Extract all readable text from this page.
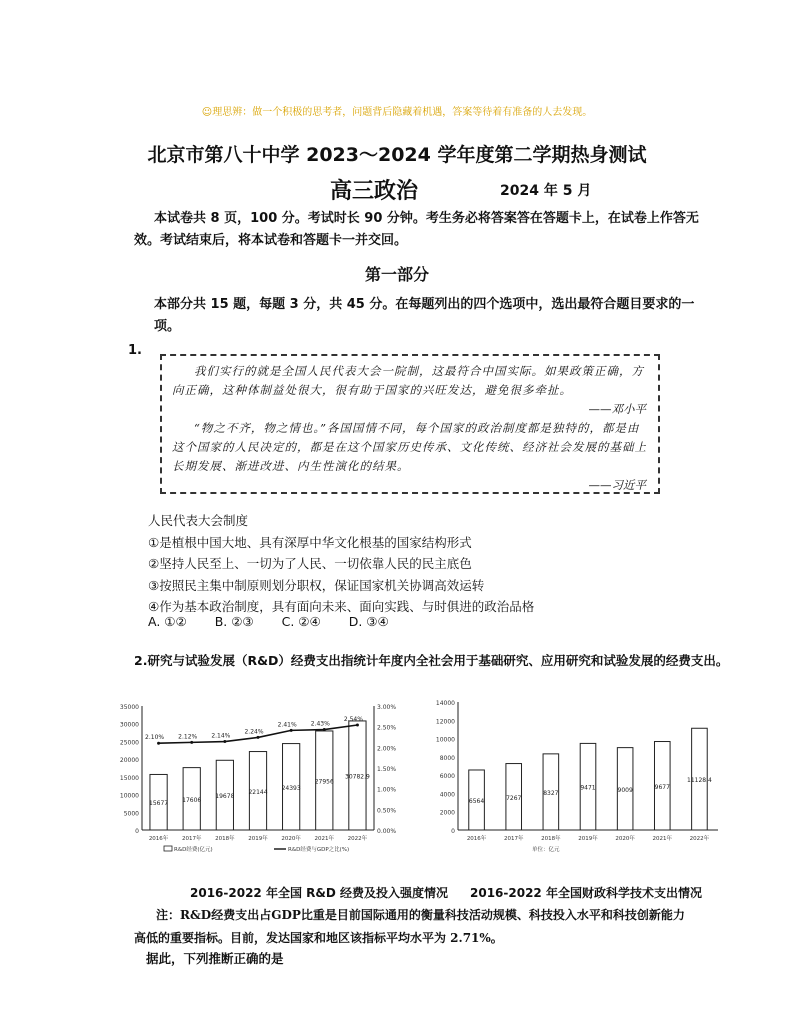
☺理思辨：做一个积极的思考者，问题背后隐藏着机遇，答案等待着有准备的人去发现。
北京市第八十中学 2023～2024 学年度第二学期热身测试
高三政治	2024 年 5 月
本试卷共 8 页，100 分。考试时长 90 分钟。考生务必将答案答在答题卡上，在试卷上作答无效。考试结束后，将本试卷和答题卡一并交回。
第一部分
本部分共 15 题，每题 3 分，共 45 分。在每题列出的四个选项中，选出最符合题目要求的一项。
1.

我们实行的就是全国人民代表大会一院制，这最符合中国实际。如果政策正确，方向正确，这种体制益处很大，很有助于国家的兴旺发达，避免很多牵扯。

——邓小平

“物之不齐，物之情也。”各国国情不同，每个国家的政治制度都是独特的，都是由这个国家的人民决定的，都是在这个国家历史传承、文化传统、经济社会发展的基础上长期发展、渐进改进、内生性演化的结果。

——习近平

人民代表大会制度
①是植根中国大地、具有深厚中华文化根基的国家结构形式
②坚持人民至上、一切为了人民、一切依靠人民的民主底色
③按照民主集中制原则划分职权，保证国家机关协调高效运转
④作为基本政治制度，具有面向未来、面向实践、与时俱进的政治品格
A. ①② B. ②③ C. ②④ D. ③④
2.研究与试验发展（R&D）经费支出指统计年度内全社会用于基础研究、应用研究和试验发展的经费支出。
35000
30000
25000
20000
15000
10000
5000
0
3.00%
2.50%
2.00%
1.50%
1.00%
0.50%
0.00%
15677
2016年
17606
2017年
19678
2018年
22144
2019年
24393
2020年
27956
2021年
30782.9
2022年
2.10% 2.12% 2.14%
2.24%
2.41% 2.43%
2.54%
R&D经费(亿元)	R&D经费与GDP之比(%)
14000
12000
10000
8000
6000
4000
2000
0
6564
2016年
7267
2017年
8327
2018年
9471
2019年
9009
2020年
9677
2021年
11128.4
2022年
单位：亿元
2016-2022 年全国 R&D 经费及投入强度情况 2016-2022 年全国财政科学技术支出情况
注：R&D经费支出占GDP比重是目前国际通用的衡量科技活动规模、科技投入水平和科技创新能力高低的重要指标。目前，发达国家和地区该指标平均水平为 2.71%。
据此，下列推断正确的是
